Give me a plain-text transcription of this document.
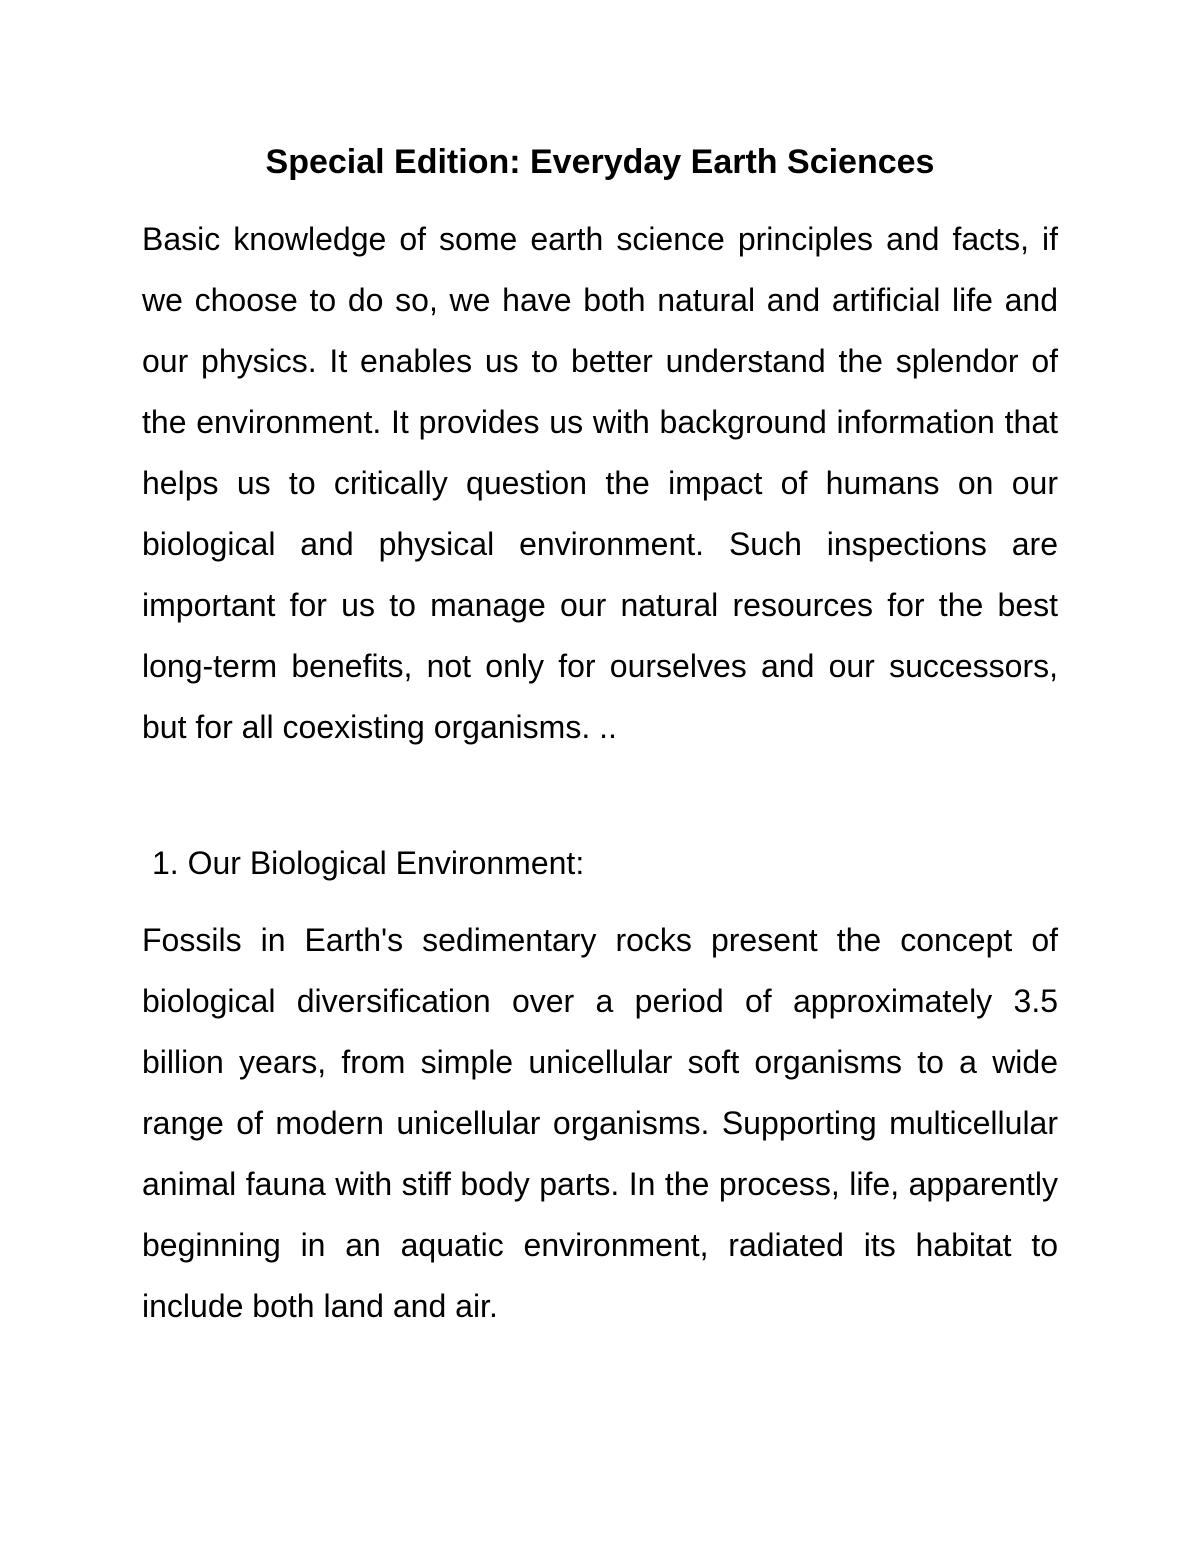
Special Edition: Everyday Earth Sciences

Basic knowledge of some earth science principles and facts, if we choose to do so, we have both natural and artificial life and our physics. It enables us to better understand the splendor of the environment. It provides us with background information that helps us to critically question the impact of humans on our biological and physical environment. Such inspections are important for us to manage our natural resources for the best long-term benefits, not only for ourselves and our successors, but for all coexisting organisms. ..

1. Our Biological Environment:

Fossils in Earth's sedimentary rocks present the concept of biological diversification over a period of approximately 3.5 billion years, from simple unicellular soft organisms to a wide range of modern unicellular organisms. Supporting multicellular animal fauna with stiff body parts. In the process, life, apparently beginning in an aquatic environment, radiated its habitat to include both land and air.
